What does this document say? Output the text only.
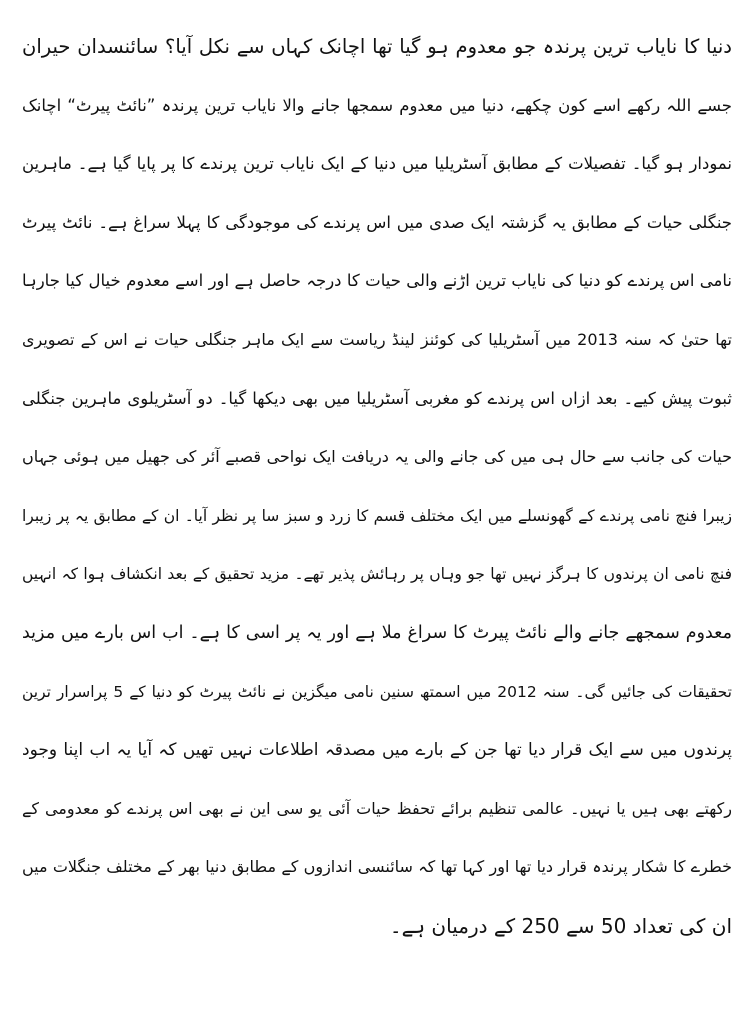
دنیا کا نایاب ترین پرندہ جو معدوم ہو گیا تھا اچانک کہاں سے نکل آیا؟ سائنسدان حیران
جسے اللہ رکھے اسے کون چکھے، دنیا میں معدوم سمجھا جانے والا نایاب ترین پرندہ ”نائٹ پیرٹ“ اچانک
نمودار ہو گیا۔ تفصیلات کے مطابق آسٹریلیا میں دنیا کے ایک نایاب ترین پرندے کا پر پایا گیا ہے۔ ماہرین
جنگلی حیات کے مطابق یہ گزشتہ ایک صدی میں اس پرندے کی موجودگی کا پہلا سراغ ہے۔ نائٹ پیرٹ
نامی اس پرندے کو دنیا کی نایاب ترین اڑنے والی حیات کا درجہ حاصل ہے اور اسے معدوم خیال کیا جارہا
تھا حتیٰ کہ سنہ 2013 میں آسٹریلیا کی کوئنز لینڈ ریاست سے ایک ماہر جنگلی حیات نے اس کے تصویری
ثبوت پیش کیے۔ بعد ازاں اس پرندے کو مغربی آسٹریلیا میں بھی دیکھا گیا۔ دو آسٹریلوی ماہرین جنگلی
حیات کی جانب سے حال ہی میں کی جانے والی یہ دریافت ایک نواحی قصبے آئر کی جھیل میں ہوئی جہاں
زیبرا فنچ نامی پرندے کے گھونسلے میں ایک مختلف قسم کا زرد و سبز سا پر نظر آیا۔ ان کے مطابق یہ پر زیبرا
فنچ نامی ان پرندوں کا ہرگز نہیں تھا جو وہاں پر رہائش پذیر تھے۔ مزید تحقیق کے بعد انکشاف ہوا کہ انہیں
معدوم سمجھے جانے والے نائٹ پیرٹ کا سراغ ملا ہے اور یہ پر اسی کا ہے۔ اب اس بارے میں مزید
تحقیقات کی جائیں گی۔ سنہ 2012 میں اسمتھ سنین نامی میگزین نے نائٹ پیرٹ کو دنیا کے 5 پراسرار ترین
پرندوں میں سے ایک قرار دیا تھا جن کے بارے میں مصدقہ اطلاعات نہیں تھیں کہ آیا یہ اب اپنا وجود
رکھتے بھی ہیں یا نہیں۔ عالمی تنظیم برائے تحفظ حیات آئی یو سی این نے بھی اس پرندے کو معدومی کے
خطرے کا شکار پرندہ قرار دیا تھا اور کہا تھا کہ سائنسی اندازوں کے مطابق دنیا بھر کے مختلف جنگلات میں
ان کی تعداد 50 سے 250 کے درمیان ہے۔
